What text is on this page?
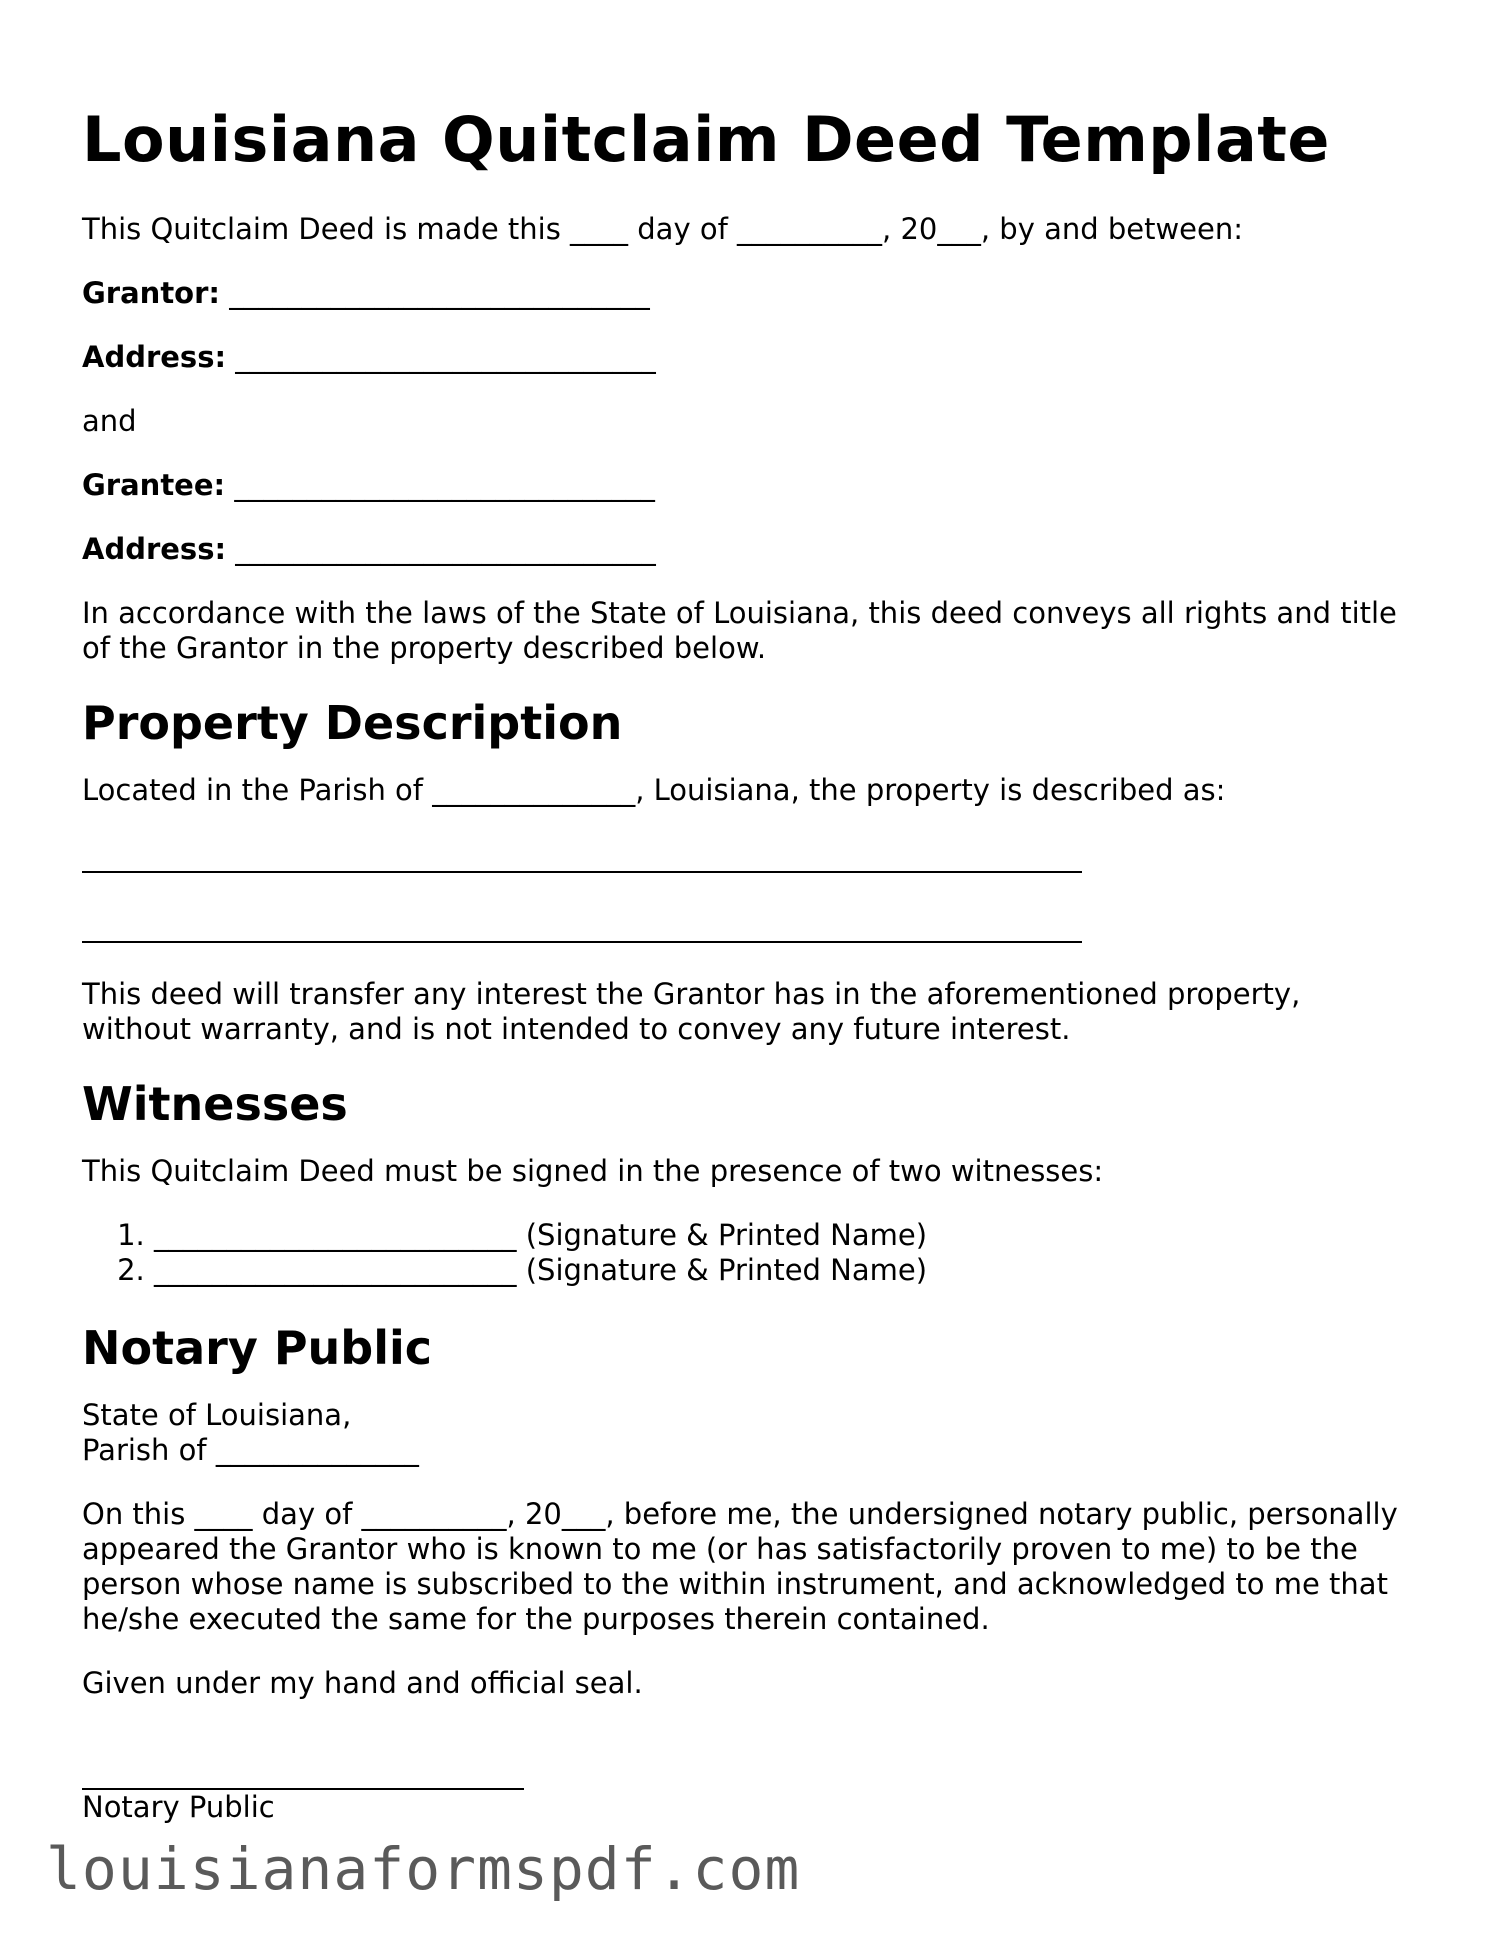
Louisiana Quitclaim Deed Template

This Quitclaim Deed is made this ____ day of __________, 20___, by and between:

Grantor: _____________________________

Address: _____________________________

and

Grantee: _____________________________

Address: _____________________________

In accordance with the laws of the State of Louisiana, this deed conveys all rights and title of the Grantor in the property described below.

Property Description

Located in the Parish of ______________, Louisiana, the property is described as:

This deed will transfer any interest the Grantor has in the aforementioned property, without warranty, and is not intended to convey any future interest.

Witnesses

This Quitclaim Deed must be signed in the presence of two witnesses:

1. _________________________ (Signature & Printed Name)
2. _________________________ (Signature & Printed Name)
Notary Public

State of Louisiana,
Parish of ______________

On this ____ day of __________, 20___, before me, the undersigned notary public, personally appeared the Grantor who is known to me (or has satisfactorily proven to me) to be the person whose name is subscribed to the within instrument, and acknowledged to me that he/she executed the same for the purposes therein contained.

Given under my hand and official seal.

Notary Public

louisianaformspdf.com
